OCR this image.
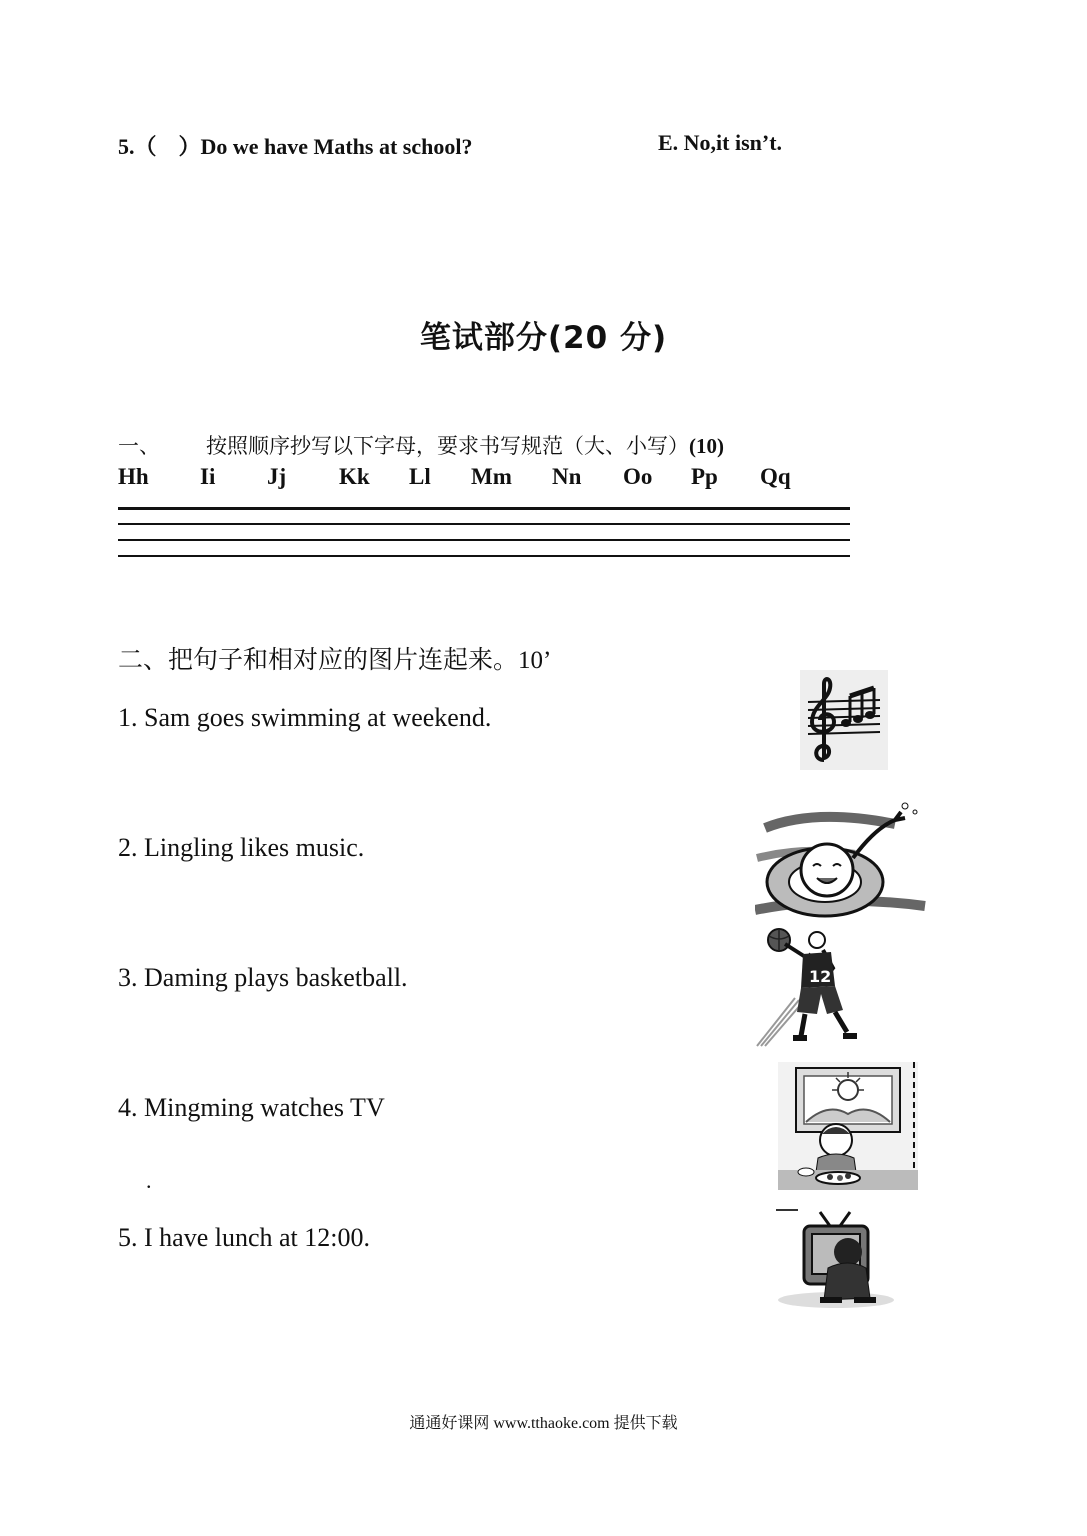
5.（　）Do we have Maths at school?	E. No,it isn’t.
笔试部分(20 分)
一、 按照顺序抄写以下字母，要求书写规范（大、小写）(10)
Hh Ii Jj Kk Ll Mm Nn Oo Pp Qq
二、把句子和相对应的图片连起来。10’
1. Sam goes swimming at weekend.
2. Lingling likes music.
3. Daming plays basketball.
4. Mingming watches TV
.
5. I have lunch at 12:00.
12
通通好课网 www.tthaoke.com 提供下载
